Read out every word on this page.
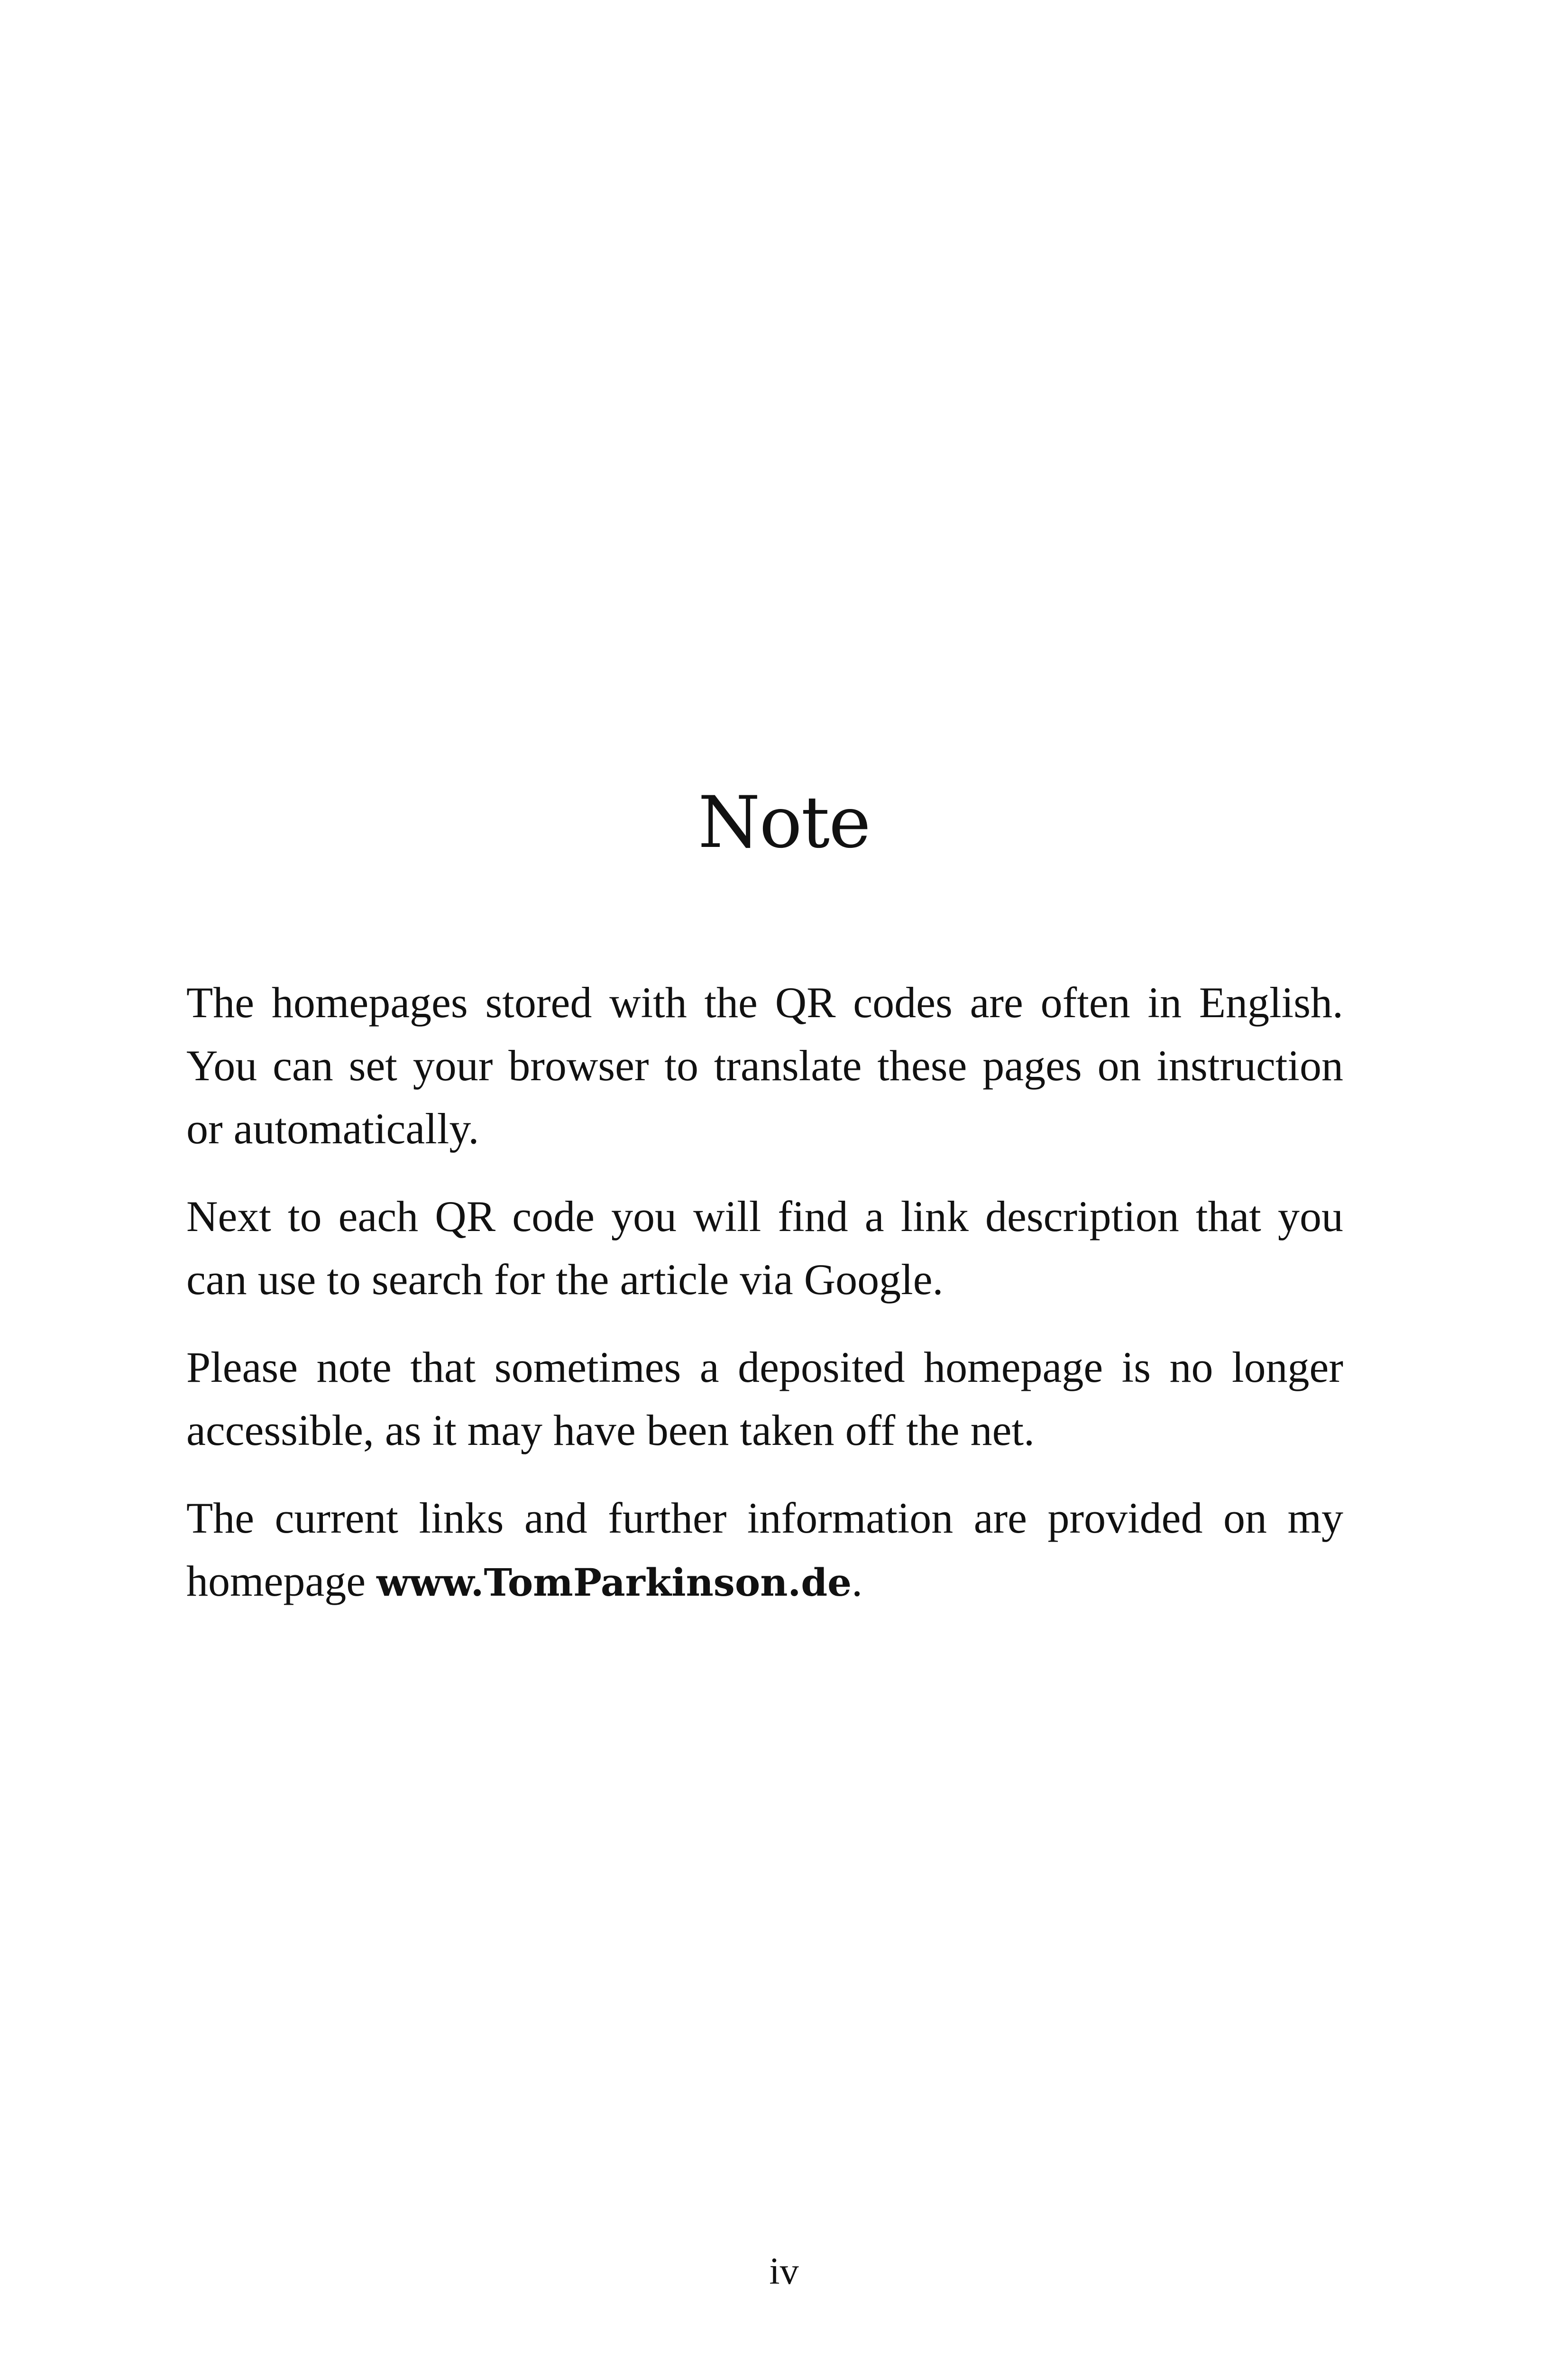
Note

The homepages stored with the QR codes are often in English. You can set your browser to translate these pages on instruction or automatically.

Next to each QR code you will find a link description that you can use to search for the article via Google.

Please note that sometimes a deposited homepage is no longer accessible, as it may have been taken off the net.

The current links and further information are provided on my homepage www.TomParkinson.de.

iv
